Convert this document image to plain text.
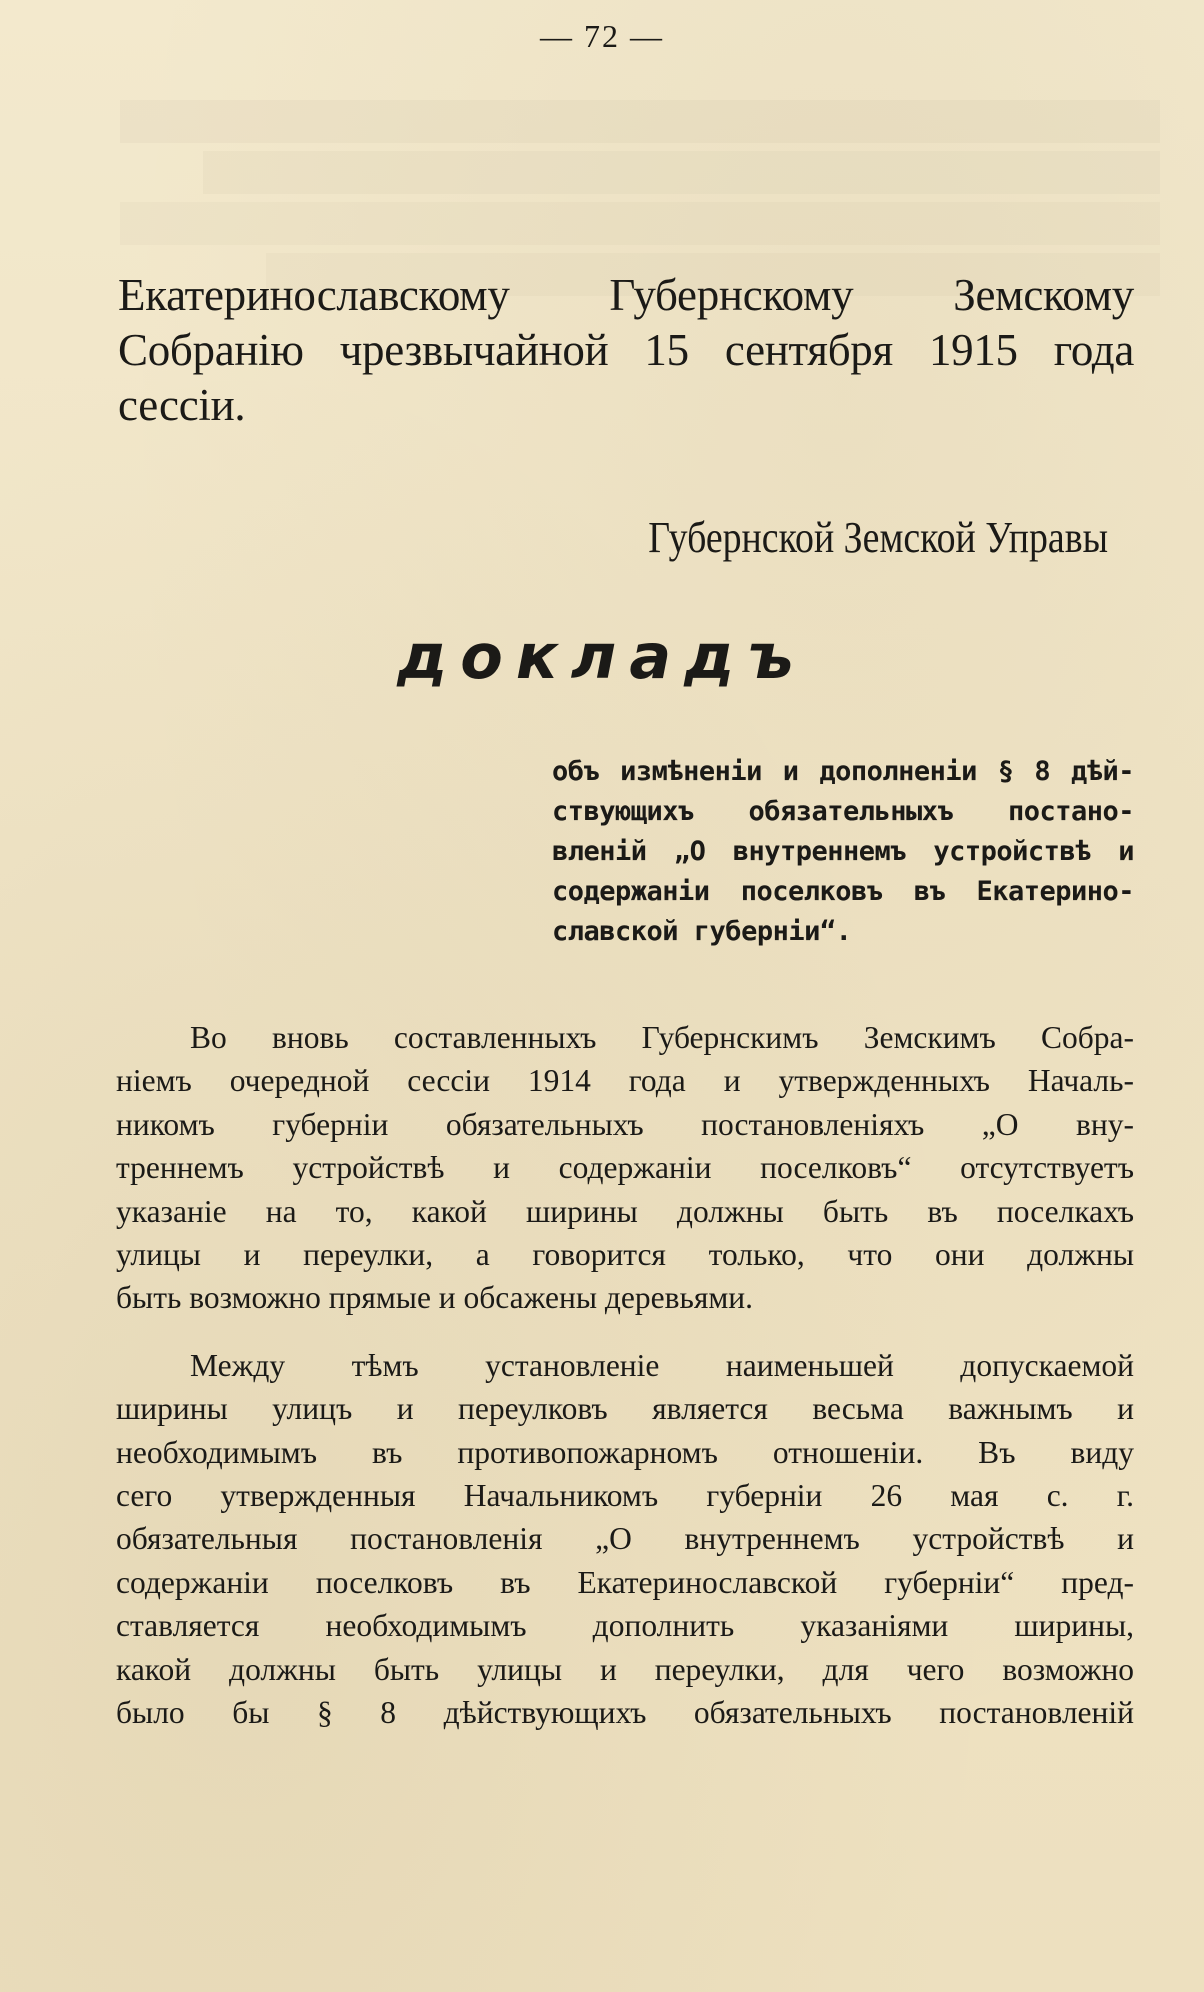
— 72 —
Екатеринославскому Губернскому Земскому
Собранію чрезвычайной 15 сентября 1915 года
сессіи.
Губернской Земской Управы
докладъ
объ измѣненіи и дополненіи § 8 дѣй-
ствующихъ обязательныхъ постано-
вленій „О внутреннемъ устройствѣ и
содержаніи поселковъ въ Екатерино-
славской губерніи“.
Во вновь составленныхъ Губернскимъ Земскимъ Собра-
ніемъ очередной сессіи 1914 года и утвержденныхъ Началь-
никомъ губерніи обязательныхъ постановленіяхъ „О вну-
треннемъ устройствѣ и содержаніи поселковъ“ отсутствуетъ
указаніе на то, какой ширины должны быть въ поселкахъ
улицы и переулки, а говорится только, что они должны
быть возможно прямые и обсажены деревьями.
Между тѣмъ установленіе наименьшей допускаемой
ширины улицъ и переулковъ является весьма важнымъ и
необходимымъ въ противопожарномъ отношеніи. Въ виду
сего утвержденныя Начальникомъ губерніи 26 мая с. г.
обязательныя постановленія „О внутреннемъ устройствѣ и
содержаніи поселковъ въ Екатеринославской губерніи“ пред-
ставляется необходимымъ дополнить указаніями ширины,
какой должны быть улицы и переулки, для чего возможно
было бы § 8 дѣйствующихъ обязательныхъ постановленій
